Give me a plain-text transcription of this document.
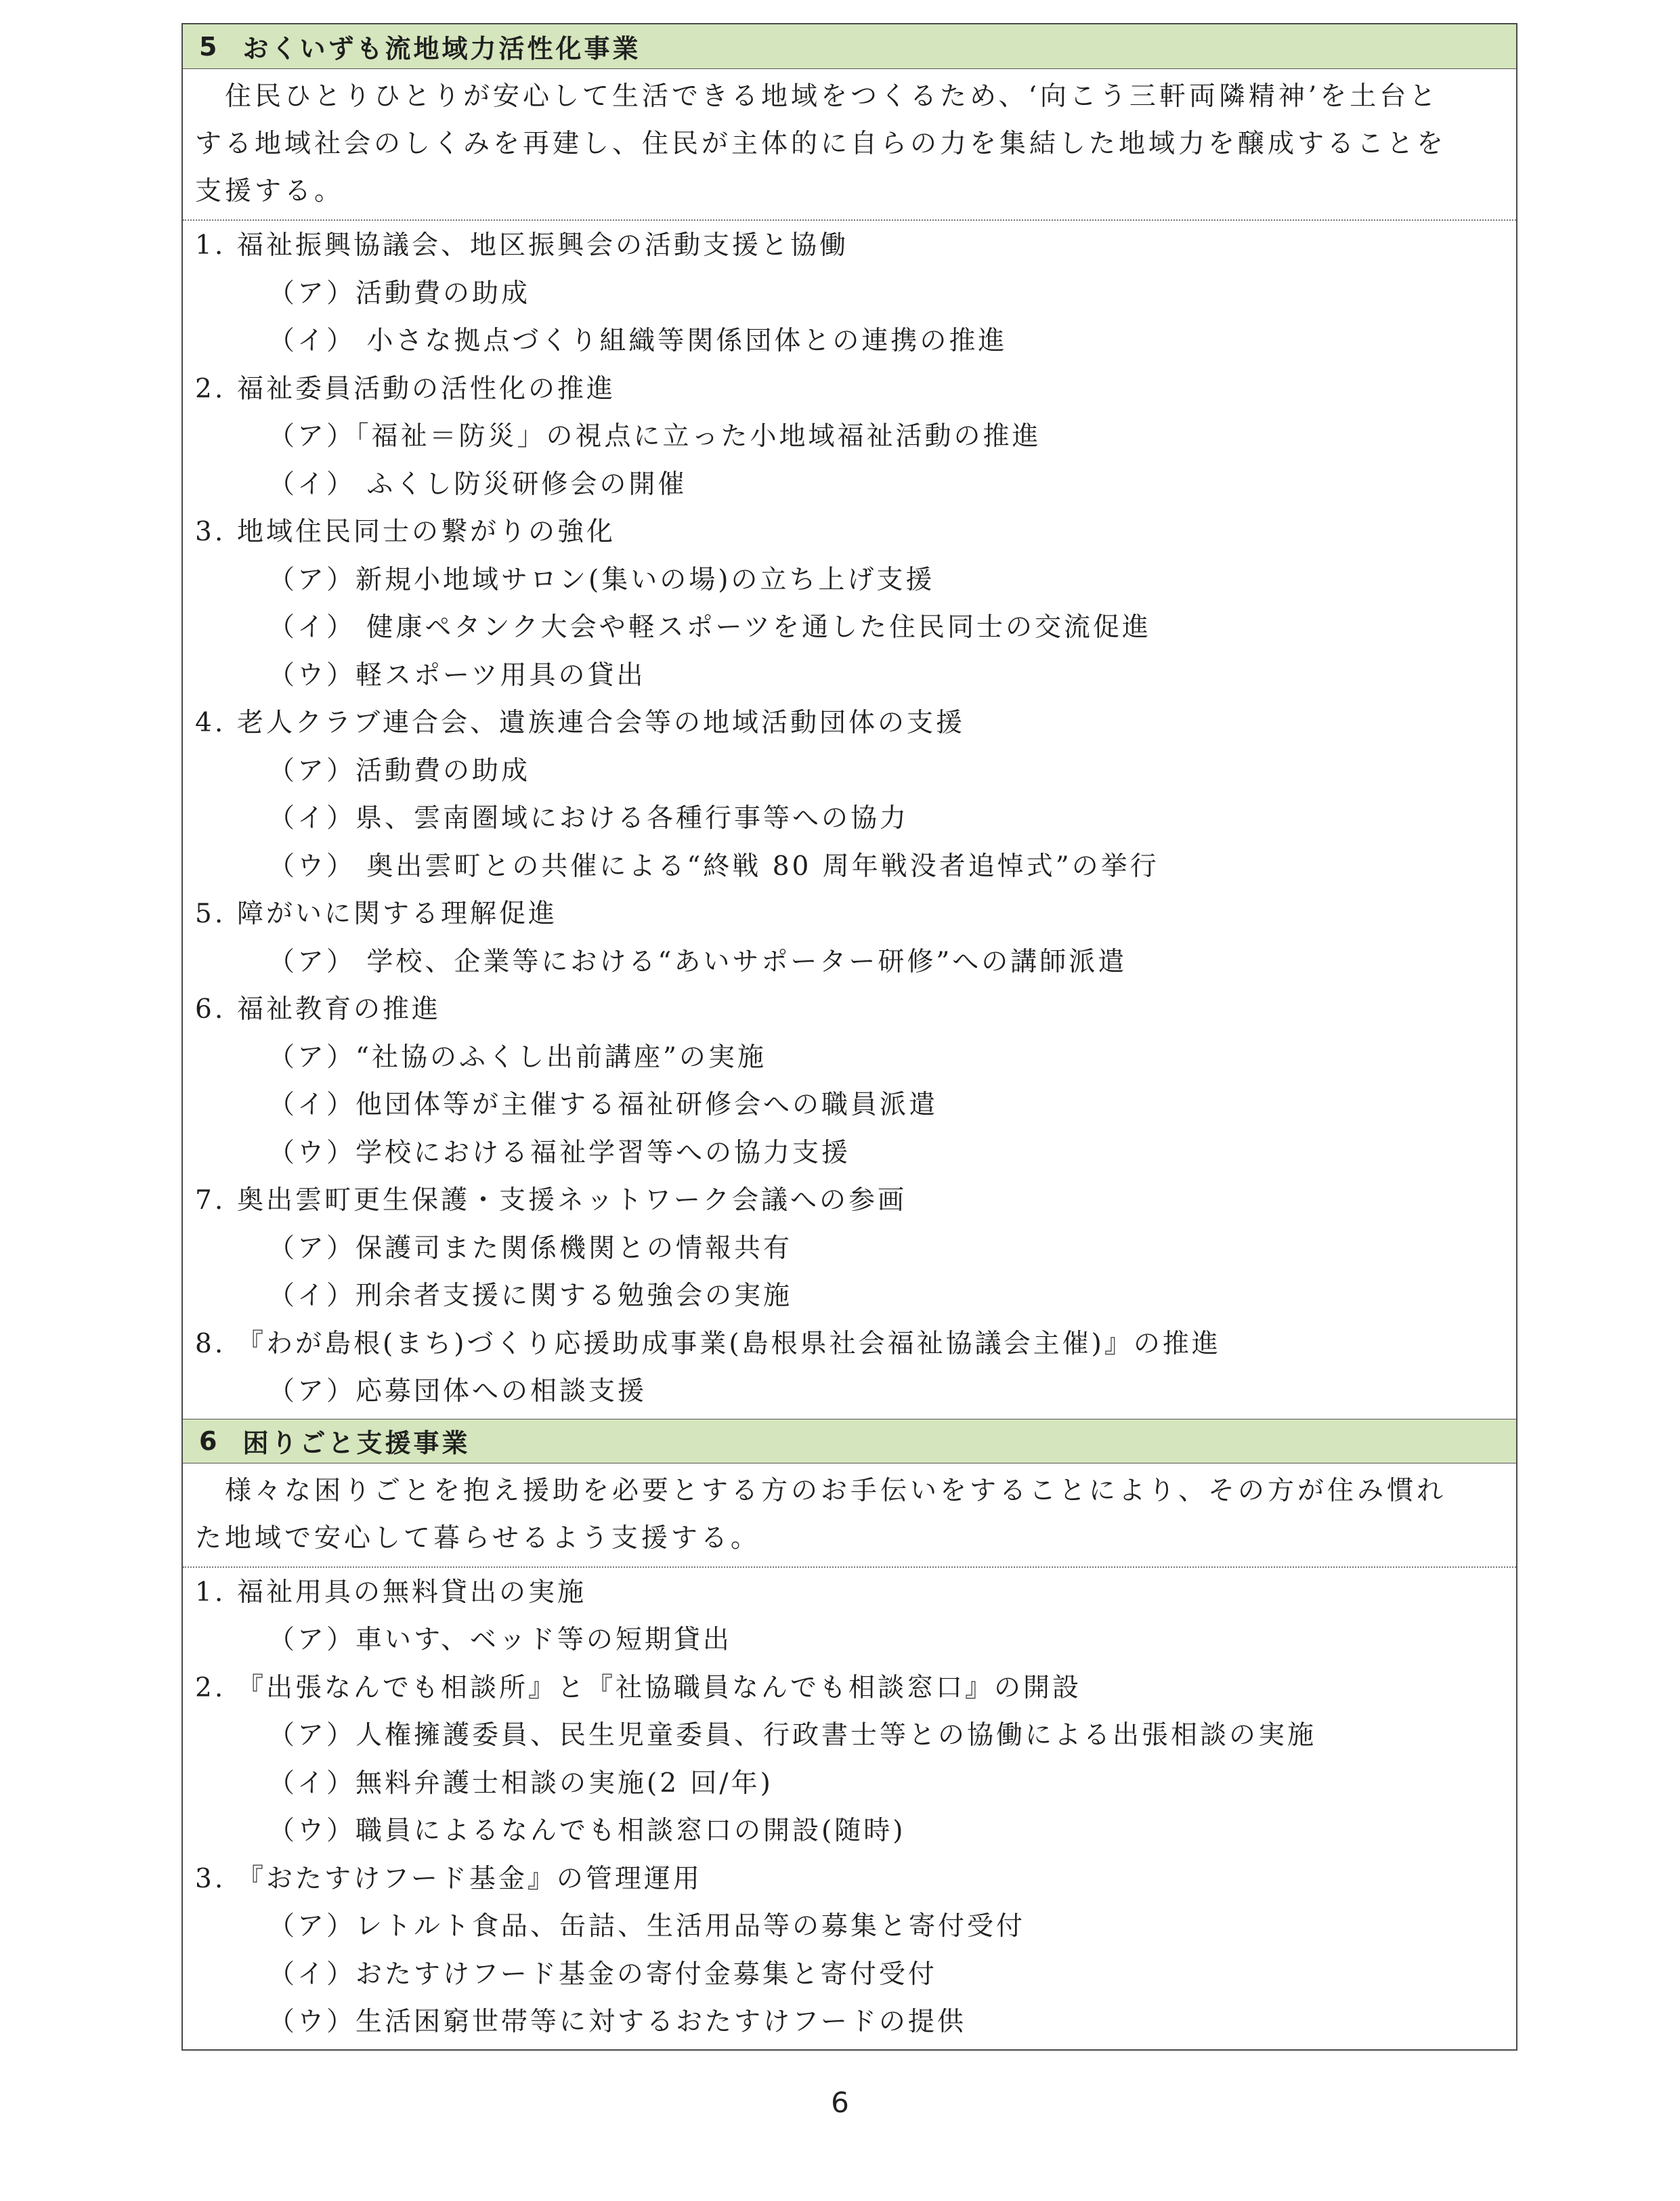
5 おくいずも流地域力活性化事業
　住民ひとりひとりが安心して生活できる地域をつくるため、‘向こう三軒両隣精神’を土台と
する地域社会のしくみを再建し、住民が主体的に自らの力を集結した地域力を醸成することを
支援する。
1. 福祉振興協議会、地区振興会の活動支援と協働
（ア）活動費の助成
（イ） 小さな拠点づくり組織等関係団体との連携の推進
2. 福祉委員活動の活性化の推進
（ア）「福祉＝防災」の視点に立った小地域福祉活動の推進
（イ） ふくし防災研修会の開催
3. 地域住民同士の繋がりの強化
（ア）新規小地域サロン(集いの場)の立ち上げ支援
（イ） 健康ペタンク大会や軽スポーツを通した住民同士の交流促進
（ウ）軽スポーツ用具の貸出
4. 老人クラブ連合会、遺族連合会等の地域活動団体の支援
（ア）活動費の助成
（イ）県、雲南圏域における各種行事等への協力
（ウ） 奥出雲町との共催による“終戦 80 周年戦没者追悼式”の挙行
5. 障がいに関する理解促進
（ア） 学校、企業等における“あいサポーター研修”への講師派遣
6. 福祉教育の推進
（ア）“社協のふくし出前講座”の実施
（イ）他団体等が主催する福祉研修会への職員派遣
（ウ）学校における福祉学習等への協力支援
7. 奥出雲町更生保護・支援ネットワーク会議への参画
（ア）保護司また関係機関との情報共有
（イ）刑余者支援に関する勉強会の実施
8. 『わが島根(まち)づくり応援助成事業(島根県社会福祉協議会主催)』の推進
（ア）応募団体への相談支援
6 困りごと支援事業
　様々な困りごとを抱え援助を必要とする方のお手伝いをすることにより、その方が住み慣れ
た地域で安心して暮らせるよう支援する。
1. 福祉用具の無料貸出の実施
（ア）車いす、ベッド等の短期貸出
2. 『出張なんでも相談所』と『社協職員なんでも相談窓口』の開設
（ア）人権擁護委員、民生児童委員、行政書士等との協働による出張相談の実施
（イ）無料弁護士相談の実施(2 回/年)
（ウ）職員によるなんでも相談窓口の開設(随時)
3. 『おたすけフード基金』の管理運用
（ア）レトルト食品、缶詰、生活用品等の募集と寄付受付
（イ）おたすけフード基金の寄付金募集と寄付受付
（ウ）生活困窮世帯等に対するおたすけフードの提供
6
